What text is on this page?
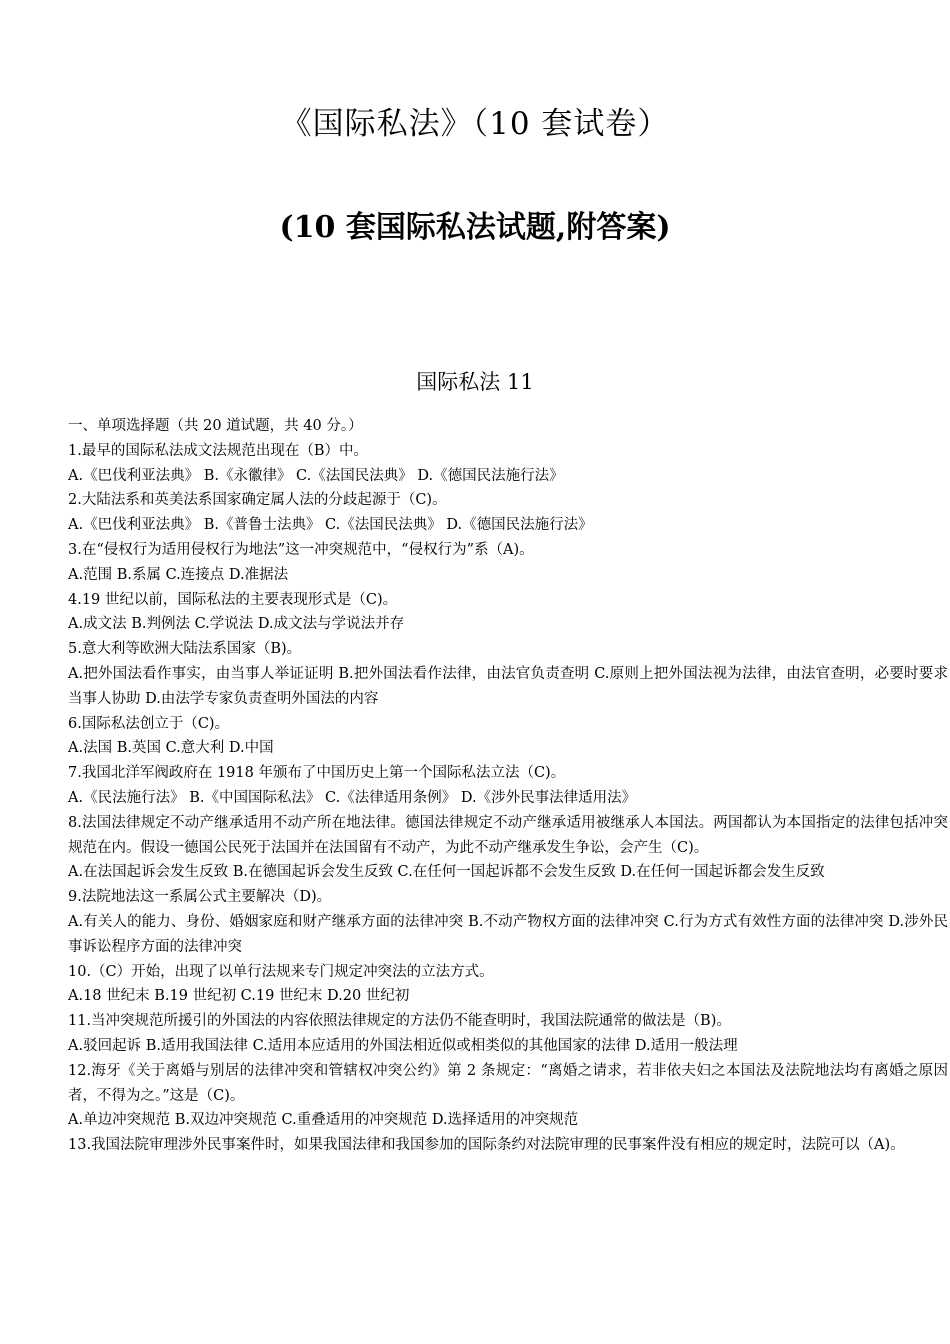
《国际私法》（10 套试卷）
(10 套国际私法试题,附答案)
国际私法 11

一、单项选择题（共 20 道试题，共 40 分。）

1.最早的国际私法成文法规范出现在（B）中。

A.《巴伐利亚法典》 B.《永徽律》 C.《法国民法典》 D.《德国民法施行法》

2.大陆法系和英美法系国家确定属人法的分歧起源于（C)。

A.《巴伐利亚法典》 B.《普鲁士法典》 C.《法国民法典》 D.《德国民法施行法》

3.在“侵权行为适用侵权行为地法”这一冲突规范中，“侵权行为”系（A)。

A.范围 B.系属 C.连接点 D.准据法

4.19 世纪以前，国际私法的主要表现形式是（C)。

A.成文法 B.判例法 C.学说法 D.成文法与学说法并存

5.意大利等欧洲大陆法系国家（B)。

A.把外国法看作事实，由当事人举证证明 B.把外国法看作法律，由法官负责查明 C.原则上把外国法视为法律，由法官查明，必要时要求当事人协助 D.由法学专家负责查明外国法的内容

6.国际私法创立于（C)。

A.法国 B.英国 C.意大利 D.中国

7.我国北洋军阀政府在 1918 年颁布了中国历史上第一个国际私法立法（C)。

A.《民法施行法》 B.《中国国际私法》 C.《法律适用条例》 D.《涉外民事法律适用法》

8.法国法律规定不动产继承适用不动产所在地法律。德国法律规定不动产继承适用被继承人本国法。两国都认为本国指定的法律包括冲突规范在内。假设一德国公民死于法国并在法国留有不动产，为此不动产继承发生争讼，会产生（C)。

A.在法国起诉会发生反致 B.在德国起诉会发生反致 C.在任何一国起诉都不会发生反致 D.在任何一国起诉都会发生反致

9.法院地法这一系属公式主要解决（D)。

A.有关人的能力、身份、婚姻家庭和财产继承方面的法律冲突 B.不动产物权方面的法律冲突 C.行为方式有效性方面的法律冲突 D.涉外民事诉讼程序方面的法律冲突

10.（C）开始，出现了以单行法规来专门规定冲突法的立法方式。

A.18 世纪末 B.19 世纪初 C.19 世纪末 D.20 世纪初

11.当冲突规范所援引的外国法的内容依照法律规定的方法仍不能查明时，我国法院通常的做法是（B)。

A.驳回起诉 B.适用我国法律 C.适用本应适用的外国法相近似或相类似的其他国家的法律 D.适用一般法理

12.海牙《关于离婚与别居的法律冲突和管辖权冲突公约》第 2 条规定：“离婚之请求，若非依夫妇之本国法及法院地法均有离婚之原因者，不得为之。”这是（C)。

A.单边冲突规范 B.双边冲突规范 C.重叠适用的冲突规范 D.选择适用的冲突规范

13.我国法院审理涉外民事案件时，如果我国法律和我国参加的国际条约对法院审理的民事案件没有相应的规定时，法院可以（A)。
